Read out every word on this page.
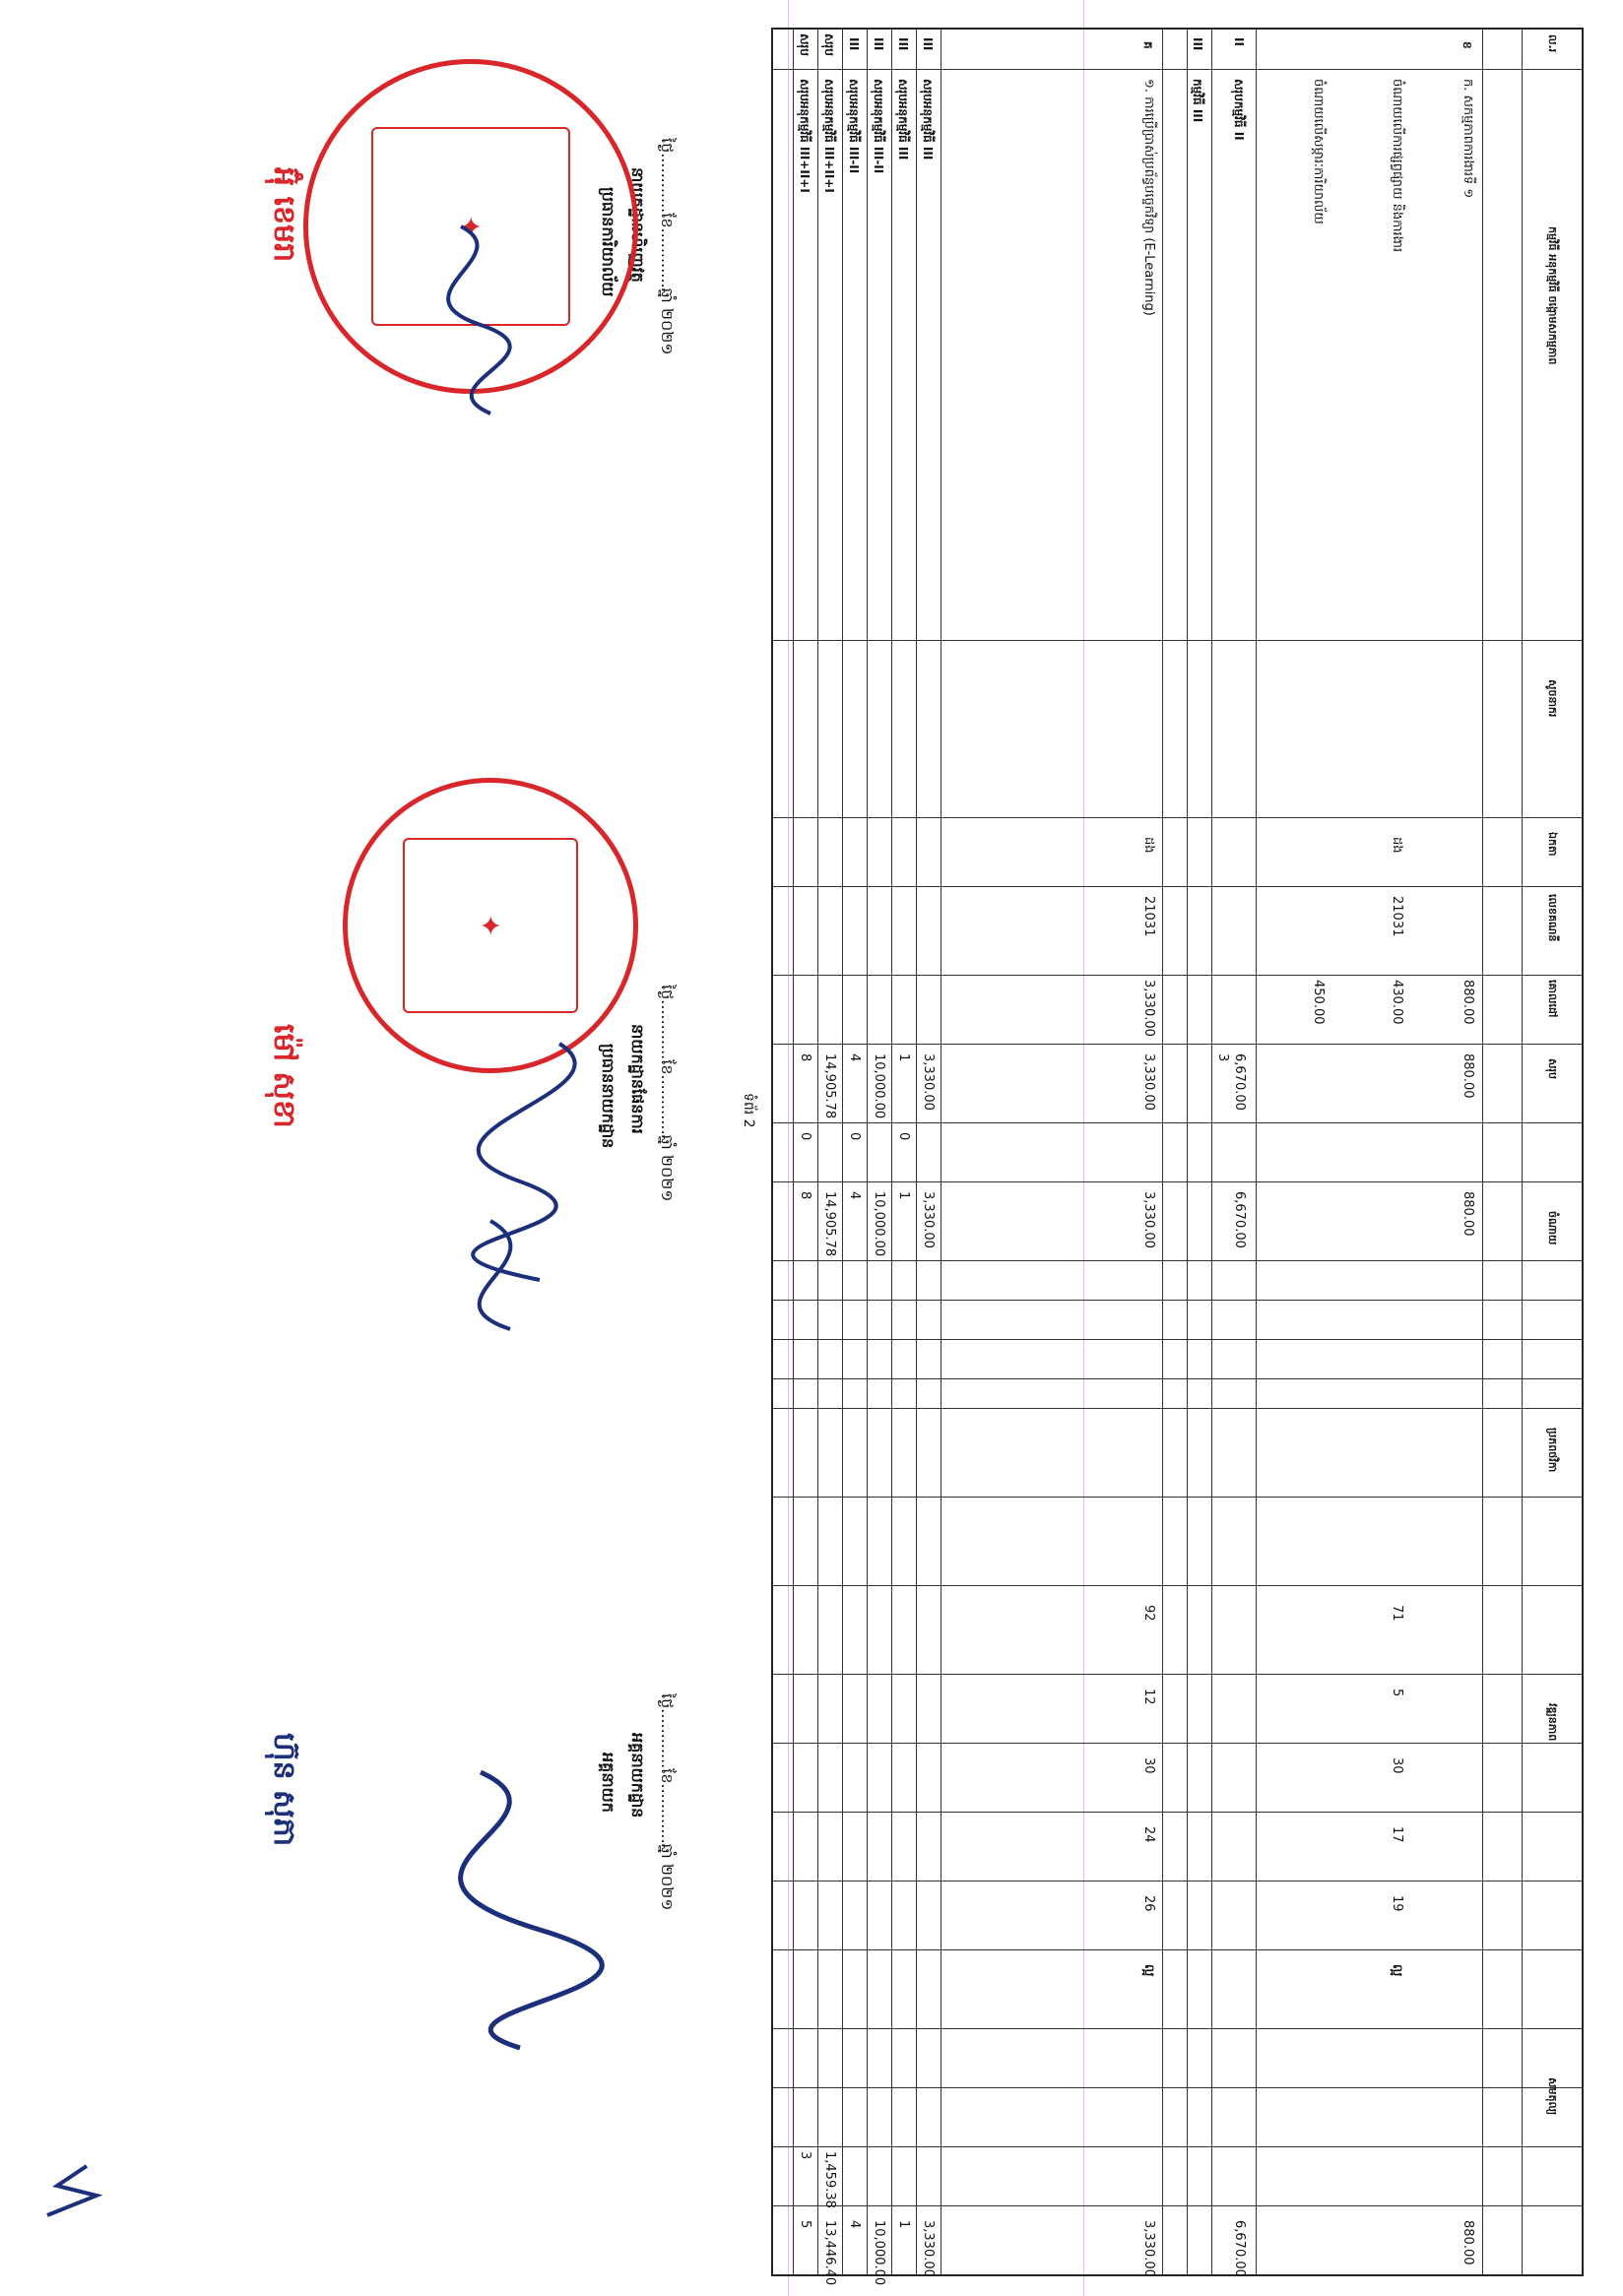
ល.រ
កម្មវិធី អនុកម្មវិធី ចង្កោមសកម្មភាព
សូចនាករ
ឯកតា
លេខគណនី
គោលដៅ
សរុប
ចំណាយ
ប្រភពថវិកា
វឌ្ឍនភាព
សមតុល្យ
ខ
ក. សកម្មភាពការងារទី ១
880.00
880.00
880.00
880.00
ចំណាយលើការផ្សព្វផ្សាយ និងការងារ
ដង
21031
430.00
71
5
30
17
19
ល្អ
ចំណាយលើសម្ភារៈការិយាល័យ
450.00
II
សរុបកម្មវិធី II
6,670.00
3
6,670.00
6,670.00
III
កម្មវិធី III
គ
១. ការប្រើប្រាស់ប្រព័ន្ធបច្ចេកវិទ្យា (E-Learning)
ដង
21031
3,330.00
3,330.00
3,330.00
92
12
30
24
26
ល្អ
3,330.00
III
សរុបអនុកម្មវិធី III
3,330.00
3,330.00
3,330.00
III
សរុបអនុកម្មវិធី III
1
0
1
1
III
សរុបអនុកម្មវិធី III-II
10,000.00
10,000.00
10,000.00
III
សរុបអនុកម្មវិធី III-II
4
0
4
4
សរុប
សរុបអនុកម្មវិធី III+II+I
14,905.78
14,905.78
1,459.38
13,446.40
សរុប
សរុបអនុកម្មវិធី III+II+I
8
0
8
3
5
ទំព័រ 2
ថ្ងៃ............ខែ............ឆ្នាំ ២០២១
នាយកដ្ឋានហិរញ្ញវត្ថុ
ប្រធានការិយាល័យ
អ៊ុំ ខេមរា
ថ្ងៃ............ខែ............ឆ្នាំ ២០២១
នាយកដ្ឋានផែនការ
ប្រធាននាយកដ្ឋាន
ម៉ៅ សុខា
ថ្ងៃ............ខែ............ឆ្នាំ ២០២១
អគ្គនាយកដ្ឋាន
អគ្គនាយក
ហ៊ុន សុភា
✦
✦
